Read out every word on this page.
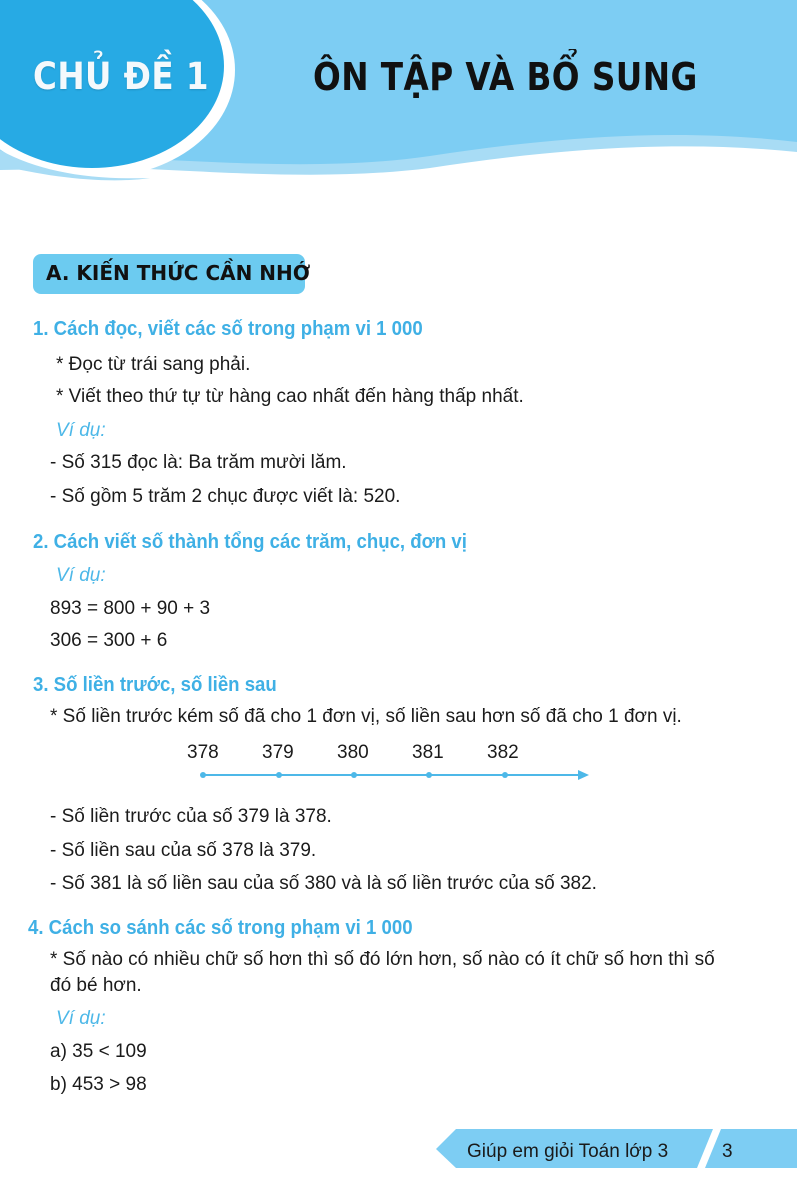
CHỦ ĐỀ 1	ÔN TẬP VÀ BỔ SUNG
A. KIẾN THỨC CẦN NHỚ
1. Cách đọc, viết các số trong phạm vi 1 000
* Đọc từ trái sang phải.
* Viết theo thứ tự từ hàng cao nhất đến hàng thấp nhất.
Ví dụ:
- Số 315 đọc là: Ba trăm mười lăm.
- Số gồm 5 trăm 2 chục được viết là: 520.
2. Cách viết số thành tổng các trăm, chục, đơn vị
Ví dụ:
893 = 800 + 90 + 3
306 = 300 + 6
3. Số liền trước, số liền sau
* Số liền trước kém số đã cho 1 đơn vị, số liền sau hơn số đã cho 1 đơn vị.
378 379 380 381 382
- Số liền trước của số 379 là 378.
- Số liền sau của số 378 là 379.
- Số 381 là số liền sau của số 380 và là số liền trước của số 382.
4. Cách so sánh các số trong phạm vi 1 000
* Số nào có nhiều chữ số hơn thì số đó lớn hơn, số nào có ít chữ số hơn thì số
đó bé hơn.
Ví dụ:
a) 35 < 109
b) 453 > 98
Giúp em giỏi Toán lớp 3	3
